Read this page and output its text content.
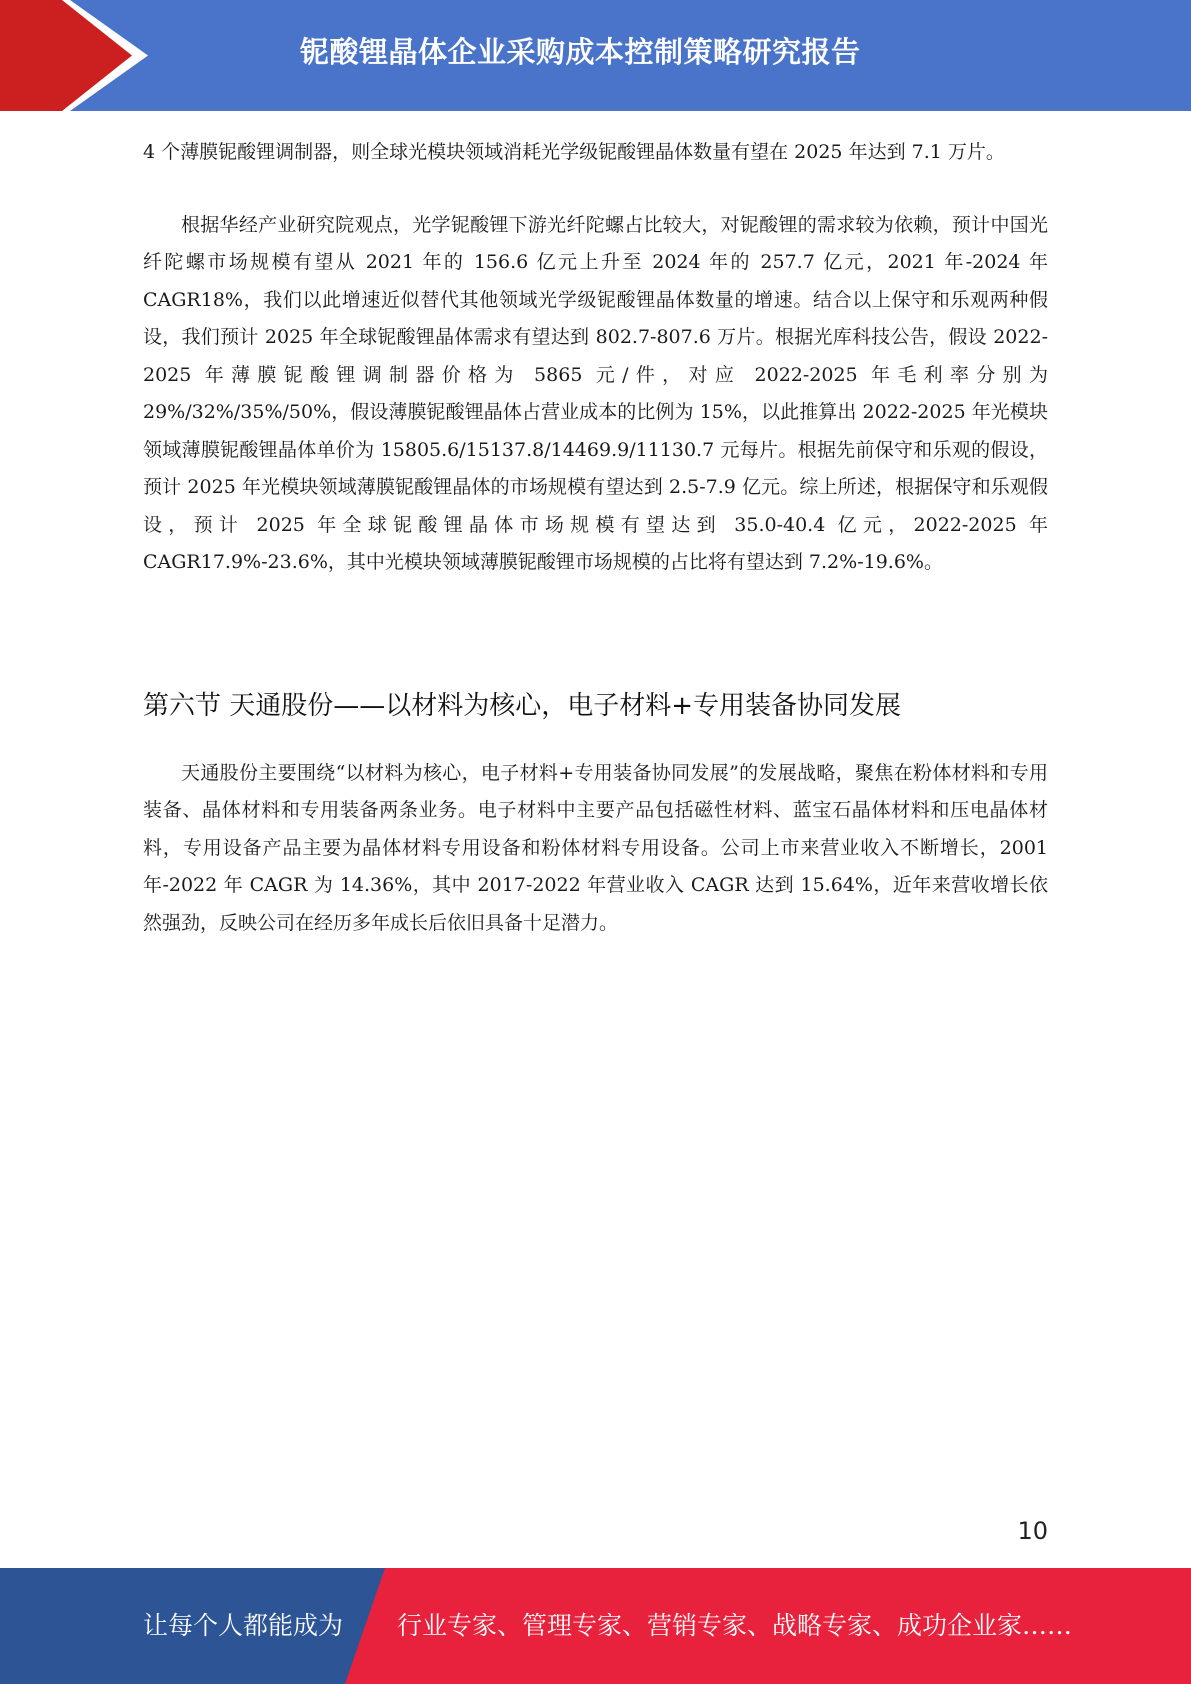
铌酸锂晶体企业采购成本控制策略研究报告

4 个薄膜铌酸锂调制器，则全球光模块领域消耗光学级铌酸锂晶体数量有望在 2025 年达到 7.1 万片。

根据华经产业研究院观点，光学铌酸锂下游光纤陀螺占比较大，对铌酸锂的需求较为依赖，预计中国光纤陀螺市场规模有望从 2021 年的 156.6 亿元上升至 2024 年的 257.7 亿元，2021 年-2024 年 CAGR18%，我们以此增速近似替代其他领域光学级铌酸锂晶体数量的增速。结合以上保守和乐观两种假设，我们预计 2025 年全球铌酸锂晶体需求有望达到 802.7-807.6 万片。根据光库科技公告，假设 2022-2025 年薄膜铌酸锂调制器价格为 5865 元/件，对应 2022-2025 年毛利率分别为 29%/32%/35%/50%，假设薄膜铌酸锂晶体占营业成本的比例为 15%，以此推算出 2022-2025 年光模块领域薄膜铌酸锂晶体单价为 15805.6/15137.8/14469.9/11130.7 元每片。根据先前保守和乐观的假设，预计 2025 年光模块领域薄膜铌酸锂晶体的市场规模有望达到 2.5-7.9 亿元。综上所述，根据保守和乐观假设，预计 2025 年全球铌酸锂晶体市场规模有望达到 35.0-40.4 亿元，2022-2025 年 CAGR17.9%-23.6%，其中光模块领域薄膜铌酸锂市场规模的占比将有望达到 7.2%-19.6%。

第六节 天通股份——以材料为核心，电子材料+专用装备协同发展

天通股份主要围绕“以材料为核心，电子材料+专用装备协同发展”的发展战略，聚焦在粉体材料和专用装备、晶体材料和专用装备两条业务。电子材料中主要产品包括磁性材料、蓝宝石晶体材料和压电晶体材料，专用设备产品主要为晶体材料专用设备和粉体材料专用设备。公司上市来营业收入不断增长，2001 年-2022 年 CAGR 为 14.36%，其中 2017-2022 年营业收入 CAGR 达到 15.64%，近年来营收增长依然强劲，反映公司在经历多年成长后依旧具备十足潜力。

10
让每个人都能成为 行业专家、管理专家、营销专家、战略专家、成功企业家……
